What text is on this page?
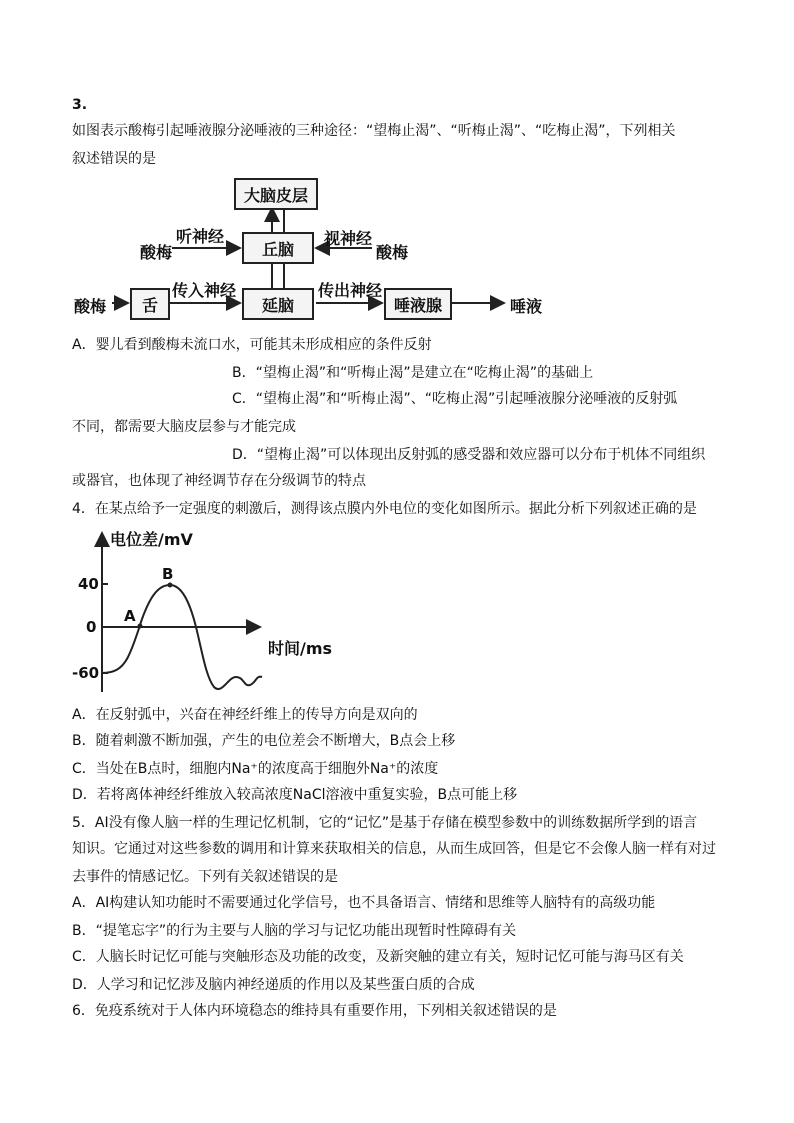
3.
如图表示酸梅引起唾液腺分泌唾液的三种途径：“望梅止渴”、“听梅止渴”、“吃梅止渴”，下列相关
叙述错误的是
大脑皮层
丘脑
延脑
舌	唾液腺
酸梅
听神经	视神经
酸梅
酸梅
传入神经	传出神经
唾液
A．婴儿看到酸梅未流口水，可能其未形成相应的条件反射
B．“望梅止渴”和“听梅止渴”是建立在“吃梅止渴”的基础上
C．“望梅止渴”和“听梅止渴”、“吃梅止渴”引起唾液腺分泌唾液的反射弧
不同，都需要大脑皮层参与才能完成
D．“望梅止渴”可以体现出反射弧的感受器和效应器可以分布于机体不同组织
或器官，也体现了神经调节存在分级调节的特点
4．在某点给予一定强度的刺激后，测得该点膜内外电位的变化如图所示。据此分析下列叙述正确的是
电位差/mV
时间/ms
40
0
-60
A
B
A．在反射弧中，兴奋在神经纤维上的传导方向是双向的
B．随着刺激不断加强，产生的电位差会不断增大，B点会上移
C．当处在B点时，细胞内Na⁺的浓度高于细胞外Na⁺的浓度
D．若将离体神经纤维放入较高浓度NaCl溶液中重复实验，B点可能上移
5．AI没有像人脑一样的生理记忆机制，它的“记忆”是基于存储在模型参数中的训练数据所学到的语言
知识。它通过对这些参数的调用和计算来获取相关的信息，从而生成回答，但是它不会像人脑一样有对过
去事件的情感记忆。下列有关叙述错误的是
A．AI构建认知功能时不需要通过化学信号，也不具备语言、情绪和思维等人脑特有的高级功能
B．“提笔忘字”的行为主要与人脑的学习与记忆功能出现暂时性障碍有关
C．人脑长时记忆可能与突触形态及功能的改变，及新突触的建立有关，短时记忆可能与海马区有关
D．人学习和记忆涉及脑内神经递质的作用以及某些蛋白质的合成
6．免疫系统对于人体内环境稳态的维持具有重要作用，下列相关叙述错误的是
